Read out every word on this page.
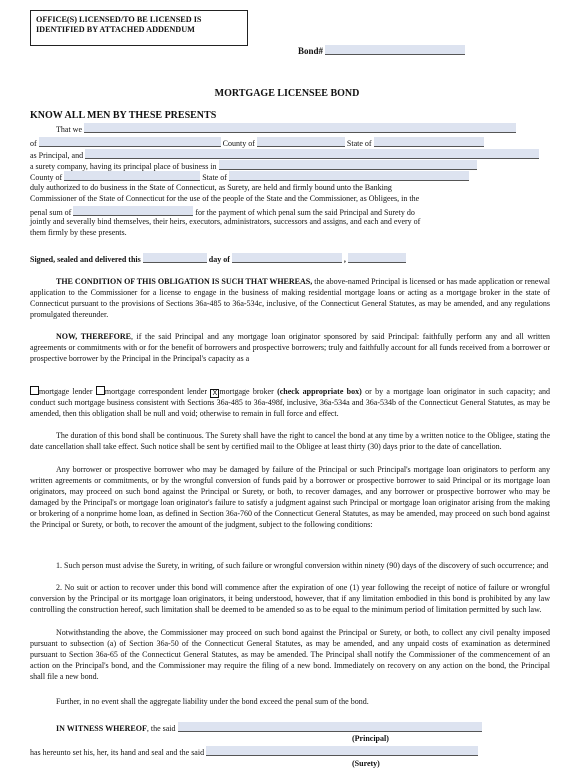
OFFICE(S) LICENSED/TO BE LICENSED IS
IDENTIFIED BY ATTACHED ADDENDUM
Bond#
MORTGAGE LICENSEE BOND
KNOW ALL MEN BY THESE PRESENTS
That we
of	County of	State of
as Principal, and
a surety company, having its principal place of business in
County of	State of
duly authorized to do business in the State of Connecticut, as Surety, are held and firmly bound unto the Banking
Commissioner of the State of Connecticut for the use of the people of the State and the Commissioner, as Obligees, in the
penal sum of	for the payment of which penal sum the said Principal and Surety do
jointly and severally bind themselves, their heirs, executors, administrators, successors and assigns, and each and every of
them firmly by these presents.
Signed, sealed and delivered this	day of	,
THE CONDITION OF THIS OBLIGATION IS SUCH THAT WHEREAS, the above-named Principal is licensed or has made application or renewal application to the Commissioner for a license to engage in the business of making residential mortgage loans or acting as a mortgage broker in the state of Connecticut pursuant to the provisions of Sections 36a-485 to 36a-534c, inclusive, of the Connecticut General Statutes, as may be amended, and any regulations promulgated thereunder.
NOW, THEREFORE, if the said Principal and any mortgage loan originator sponsored by said Principal: faithfully perform any and all written agreements or commitments with or for the benefit of borrowers and prospective borrowers; truly and faithfully account for all funds received from a borrower or prospective borrower by the Principal in the Principal's capacity as a
mortgage lender mortgage correspondent lender X mortgage broker (check appropriate box) or by a mortgage loan originator in such capacity; and conduct such mortgage business consistent with Sections 36a-485 to 36a-498f, inclusive, 36a-534a and 36a-534b of the Connecticut General Statutes, as may be amended, then this obligation shall be null and void; otherwise to remain in full force and effect.
The duration of this bond shall be continuous. The Surety shall have the right to cancel the bond at any time by a written notice to the Obligee, stating the date cancellation shall take effect. Such notice shall be sent by certified mail to the Obligee at least thirty (30) days prior to the date of cancellation.
Any borrower or prospective borrower who may be damaged by failure of the Principal or such Principal's mortgage loan originators to perform any written agreements or commitments, or by the wrongful conversion of funds paid by a borrower or prospective borrower to said Principal or its mortgage loan originators, may proceed on such bond against the Principal or Surety, or both, to recover damages, and any borrower or prospective borrower who may be damaged by the Principal's or mortgage loan originator's failure to satisfy a judgment against such Principal or mortgage loan originator arising from the making or brokering of a nonprime home loan, as defined in Section 36a-760 of the Connecticut General Statutes, as may be amended, may proceed on such bond against the Principal or Surety, or both, to recover the amount of the judgment, subject to the following conditions:
1. Such person must advise the Surety, in writing, of such failure or wrongful conversion within ninety (90) days of the discovery of such occurrence; and
2. No suit or action to recover under this bond will commence after the expiration of one (1) year following the receipt of notice of failure or wrongful conversion by the Principal or its mortgage loan originators, it being understood, however, that if any limitation embodied in this bond is prohibited by any law controlling the construction hereof, such limitation shall be deemed to be amended so as to be equal to the minimum period of limitation permitted by such law.
Notwithstanding the above, the Commissioner may proceed on such bond against the Principal or Surety, or both, to collect any civil penalty imposed pursuant to subsection (a) of Section 36a-50 of the Connecticut General Statutes, as may be amended, and any unpaid costs of examination as determined pursuant to Section 36a-65 of the Connecticut General Statutes, as may be amended. The Principal shall notify the Commissioner of the commencement of an action on the Principal's bond, and the Commissioner may require the filing of a new bond. Immediately on recovery on any action on the bond, the Principal shall file a new bond.
Further, in no event shall the aggregate liability under the bond exceed the penal sum of the bond.
IN WITNESS WHEREOF, the said
(Principal)
has hereunto set his, her, its hand and seal and the said
(Surety)
